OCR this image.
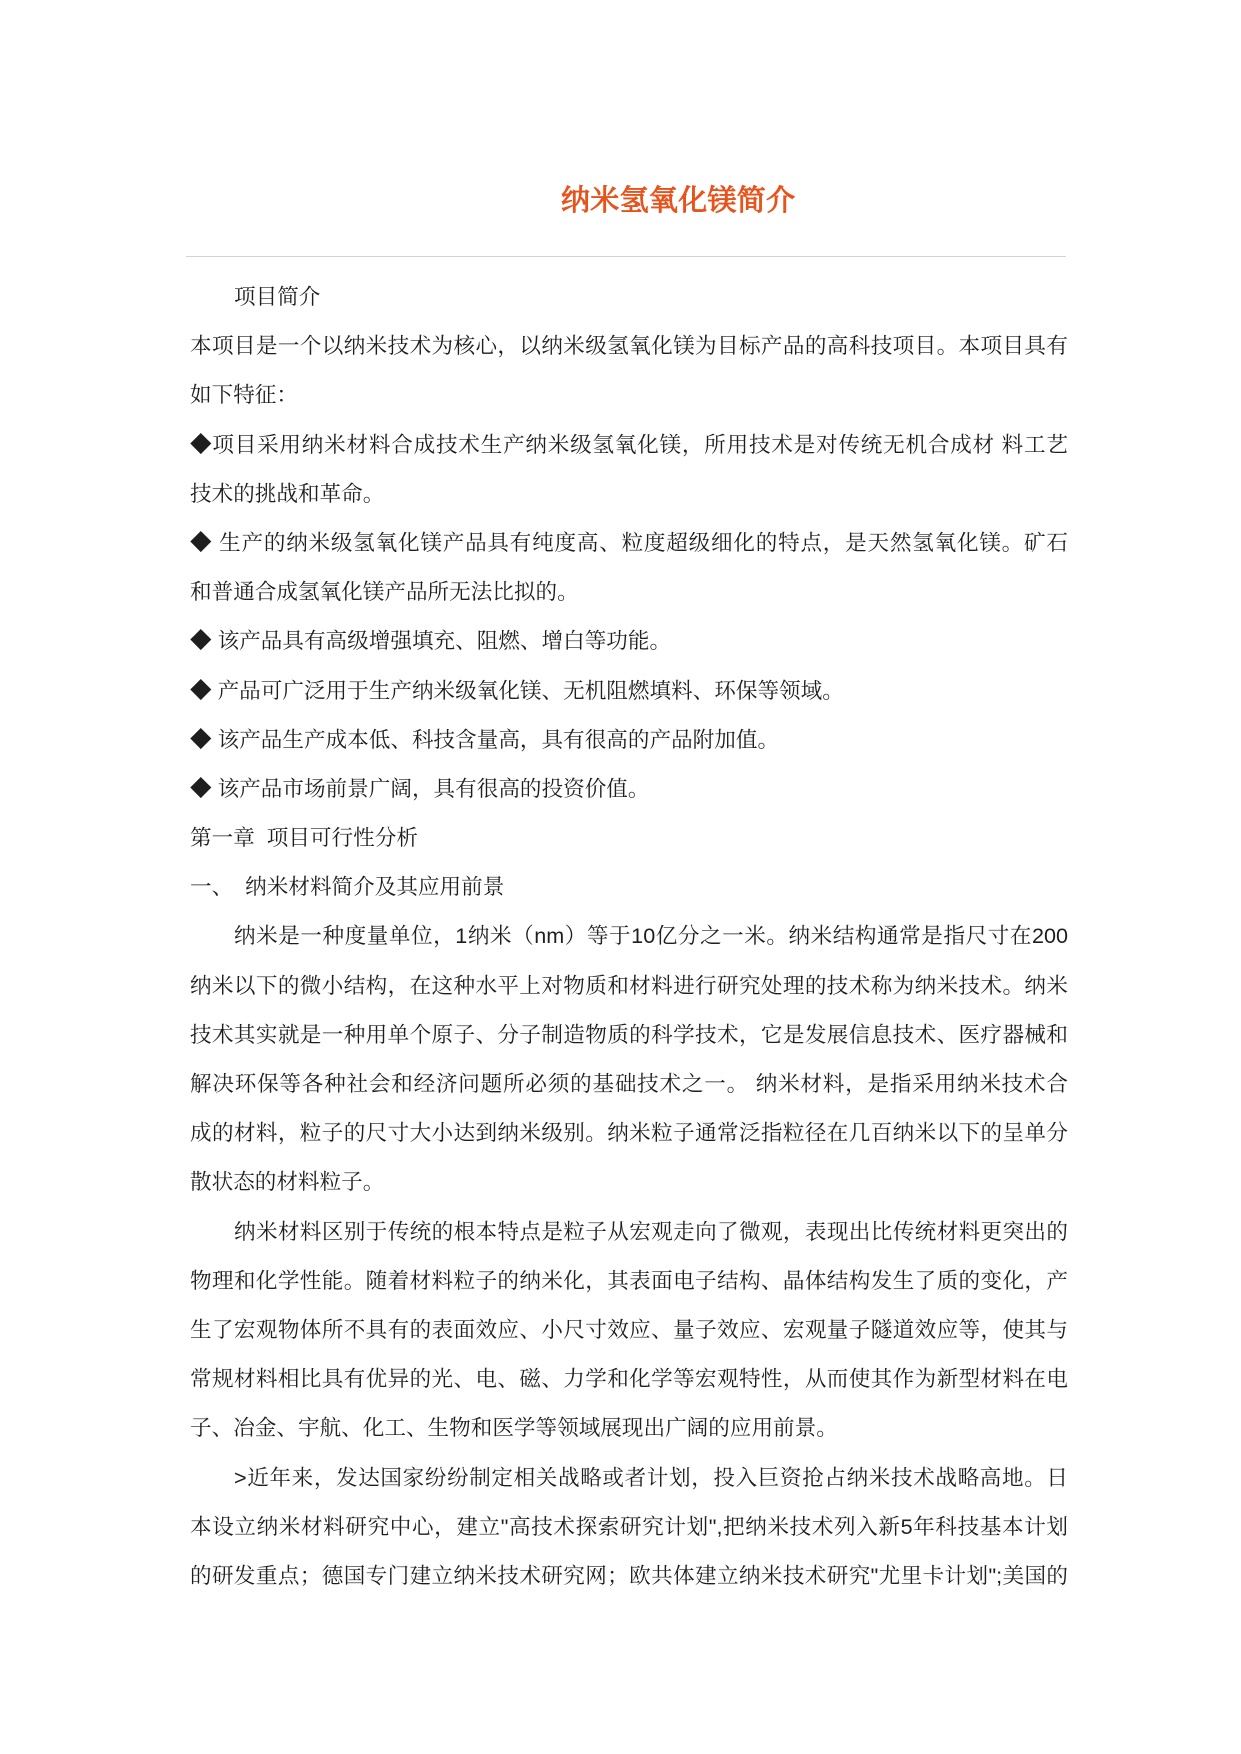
纳米氢氧化镁简介
项目简介
本项目是一个以纳米技术为核心，以纳米级氢氧化镁为目标产品的高科技项目。本项目具有
如下特征：
◆项目采用纳米材料合成技术生产纳米级氢氧化镁，所用技术是对传统无机合成材 料工艺
技术的挑战和革命。
◆ 生产的纳米级氢氧化镁产品具有纯度高、粒度超级细化的特点，是天然氢氧化镁。矿石
和普通合成氢氧化镁产品所无法比拟的。
◆ 该产品具有高级增强填充、阻燃、增白等功能。
◆ 产品可广泛用于生产纳米级氧化镁、无机阻燃填料、环保等领域。
◆ 该产品生产成本低、科技含量高，具有很高的产品附加值。
◆ 该产品市场前景广阔，具有很高的投资价值。
第一章  项目可行性分析
一、  纳米材料简介及其应用前景
纳米是一种度量单位，1纳米（nm）等于10亿分之一米。纳米结构通常是指尺寸在200
纳米以下的微小结构，在这种水平上对物质和材料进行研究处理的技术称为纳米技术。纳米
技术其实就是一种用单个原子、分子制造物质的科学技术，它是发展信息技术、医疗器械和
解决环保等各种社会和经济问题所必须的基础技术之一。 纳米材料，是指采用纳米技术合
成的材料，粒子的尺寸大小达到纳米级别。纳米粒子通常泛指粒径在几百纳米以下的呈单分
散状态的材料粒子。
纳米材料区别于传统的根本特点是粒子从宏观走向了微观，表现出比传统材料更突出的
物理和化学性能。随着材料粒子的纳米化，其表面电子结构、晶体结构发生了质的变化，产
生了宏观物体所不具有的表面效应、小尺寸效应、量子效应、宏观量子隧道效应等，使其与
常规材料相比具有优异的光、电、磁、力学和化学等宏观特性，从而使其作为新型材料在电
子、冶金、宇航、化工、生物和医学等领域展现出广阔的应用前景。
>近年来，发达国家纷纷制定相关战略或者计划，投入巨资抢占纳米技术战略高地。日
本设立纳米材料研究中心，建立"高技术探索研究计划",把纳米技术列入新5年科技基本计划
的研发重点；德国专门建立纳米技术研究网；欧共体建立纳米技术研究"尤里卡计划";美国的
